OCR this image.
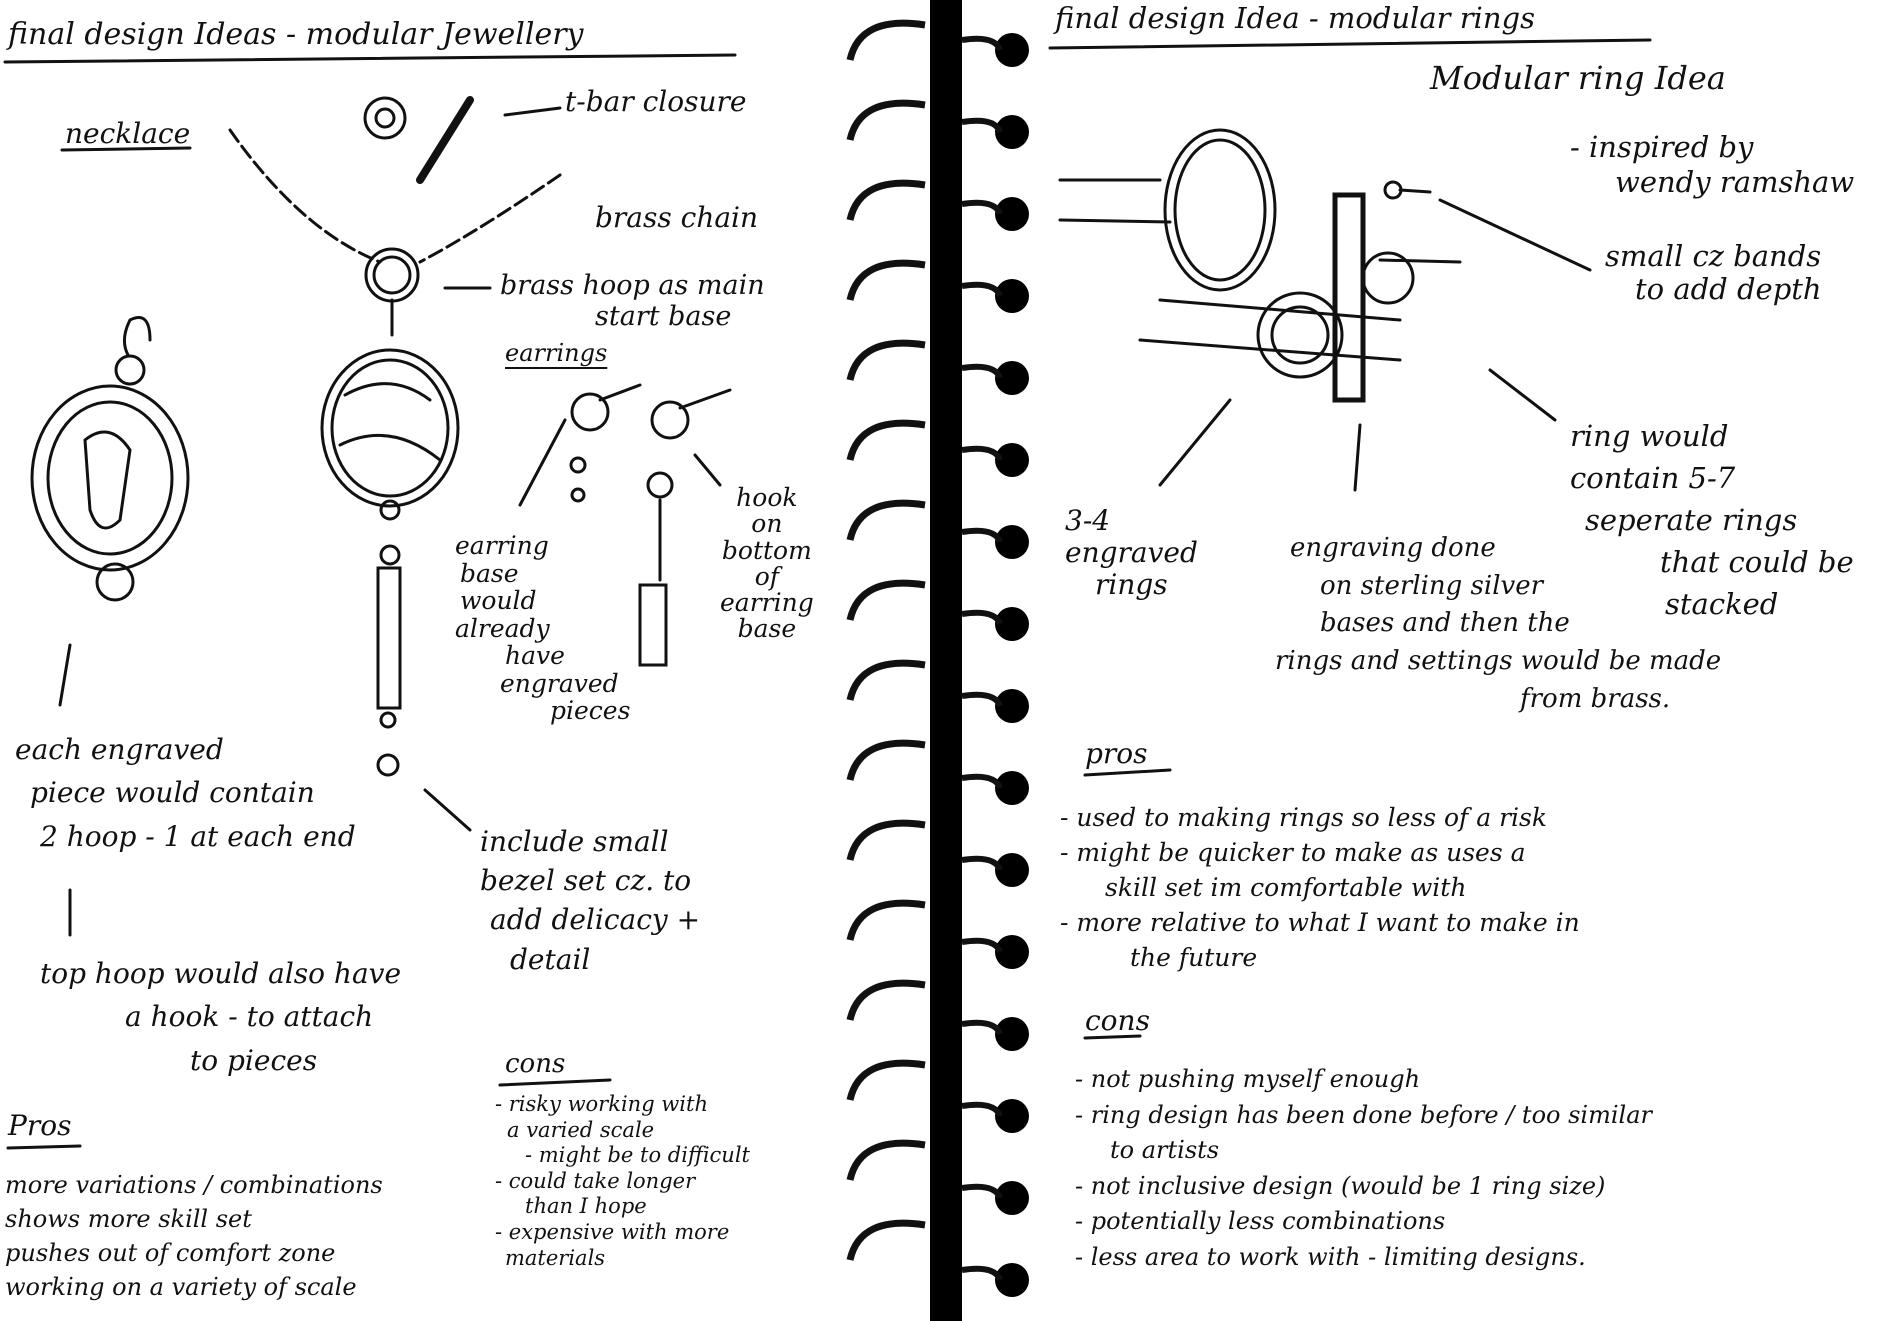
final design Ideas - modular Jewellery
necklace
t-bar closure
brass chain
brass hoop as main
start base
earrings
hook
on
bottom
of
earring
base
earring
base
would
already
have
engraved
pieces
each engraved
piece would contain
2 hoop - 1 at each end
top hoop would also have
a hook - to attach
to pieces
include small
bezel set cz. to
add delicacy +
detail
Pros
more variations / combinations
shows more skill set
pushes out of comfort zone
working on a variety of scale
cons
- risky working with
a varied scale
- might be to difficult
- could take longer
than I hope
- expensive with more
materials
final design Idea - modular rings
Modular ring Idea
- inspired by
wendy ramshaw
small cz bands
to add depth
ring would
contain 5-7
seperate rings
that could be
stacked
3-4
engraved
rings
engraving done
on sterling silver
bases and then the
rings and settings would be made
from brass.
pros
- used to making rings so less of a risk
- might be quicker to make as uses a
skill set im comfortable with
- more relative to what I want to make in
the future
cons
- not pushing myself enough
- ring design has been done before / too similar
to artists
- not inclusive design (would be 1 ring size)
- potentially less combinations
- less area to work with - limiting designs.
